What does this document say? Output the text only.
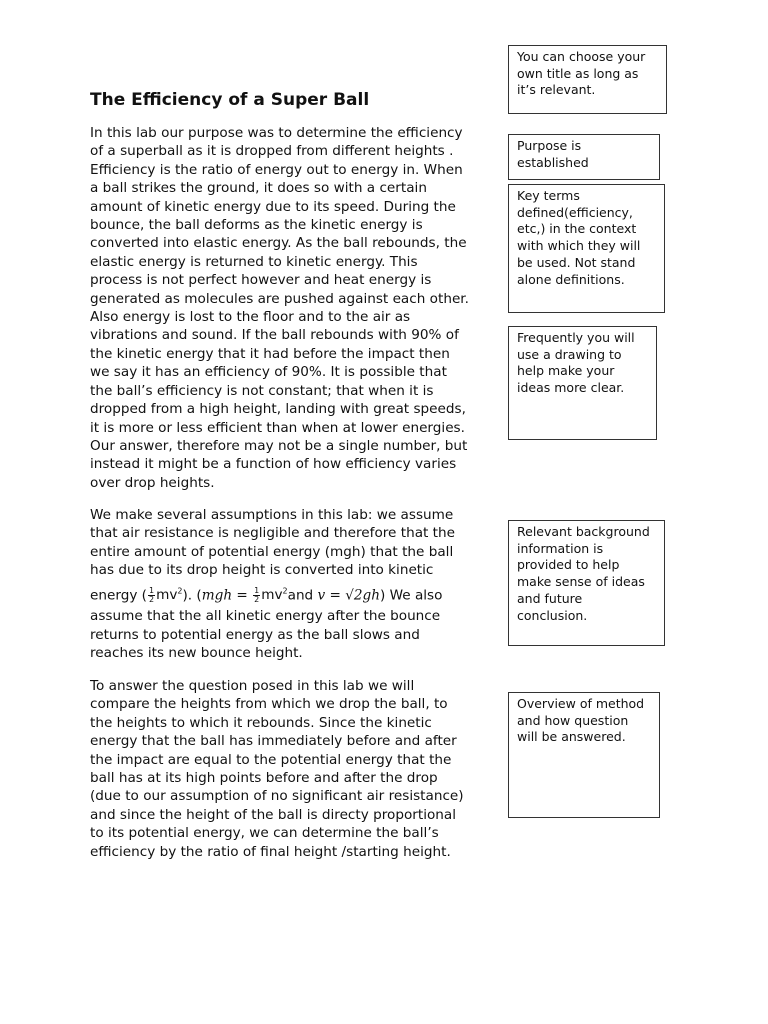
The Efficiency of a Super Ball
In this lab our purpose was to determine the efficiency
of a superball as it is dropped from different heights .
Efficiency is the ratio of energy out to energy in. When
a ball strikes the ground, it does so with a certain
amount of kinetic energy due to its speed. During the
bounce, the ball deforms as the kinetic energy is
converted into elastic energy. As the ball rebounds, the
elastic energy is returned to kinetic energy. This
process is not perfect however and heat energy is
generated as molecules are pushed against each other.
Also energy is lost to the floor and to the air as
vibrations and sound. If the ball rebounds with 90% of
the kinetic energy that it had before the impact then
we say it has an efficiency of 90%. It is possible that
the ball’s efficiency is not constant; that when it is
dropped from a high height, landing with great speeds,
it is more or less efficient than when at lower energies.
Our answer, therefore may not be a single number, but
instead it might be a function of how efficiency varies
over drop heights.
We make several assumptions in this lab: we assume
that air resistance is negligible and therefore that the
entire amount of potential energy (mgh) that the ball
has due to its drop height is converted into kinetic
energy ( $\frac{1}{2} mv^2$). ($mgh = \frac{1}{2} mv^2and$ v = √2gh) We also
assume that the all kinetic energy after the bounce
returns to potential energy as the ball slows and
reaches its new bounce height.
To answer the question posed in this lab we will
compare the heights from which we drop the ball, to
the heights to which it rebounds. Since the kinetic
energy that the ball has immediately before and after
the impact are equal to the potential energy that the
ball has at its high points before and after the drop
(due to our assumption of no significant air resistance)
and since the height of the ball is directy proportional
to its potential energy, we can determine the ball’s
efficiency by the ratio of final height /starting height.
You can choose your
own title as long as
it’s relevant.
Purpose is
established
Key terms
defined(efficiency,
etc,) in the context
with which they will
be used. Not stand
alone definitions.
Frequently you will
use a drawing to
help make your
ideas more clear.
Relevant background
information is
provided to help
make sense of ideas
and future
conclusion.
Overview of method
and how question
will be answered.
